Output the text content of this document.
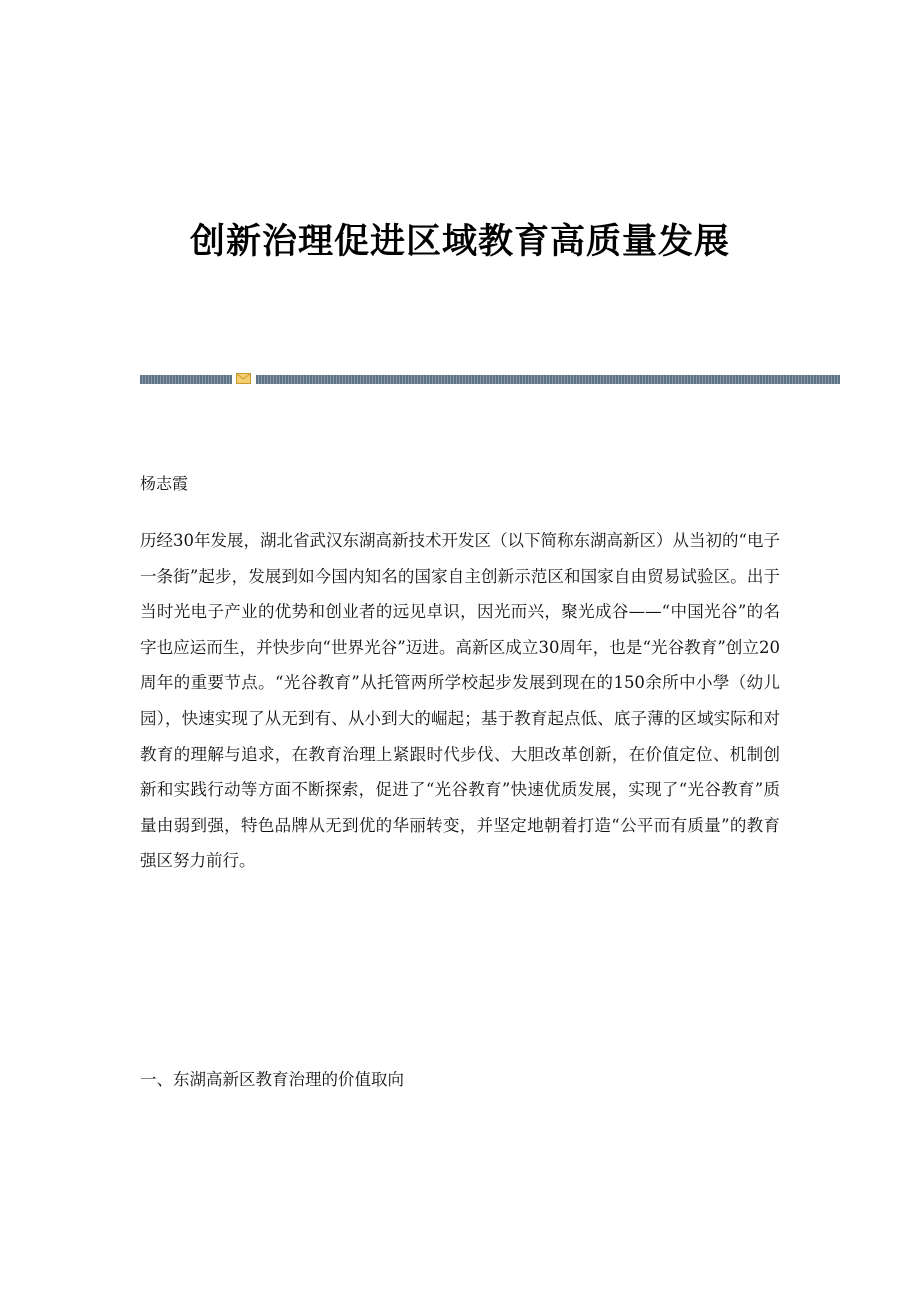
创新治理促进区域教育高质量发展

杨志霞

历经30年发展，湖北省武汉东湖高新技术开发区（以下简称东湖高新区）从当初的“电子一条街”起步，发展到如今国内知名的国家自主创新示范区和国家自由贸易试验区。出于当时光电子产业的优势和创业者的远见卓识，因光而兴，聚光成谷——“中国光谷”的名字也应运而生，并快步向“世界光谷”迈进。高新区成立30周年，也是“光谷教育”创立20周年的重要节点。“光谷教育”从托管两所学校起步发展到现在的150余所中小學（幼儿园），快速实现了从无到有、从小到大的崛起；基于教育起点低、底子薄的区域实际和对教育的理解与追求，在教育治理上紧跟时代步伐、大胆改革创新，在价值定位、机制创新和实践行动等方面不断探索，促进了“光谷教育”快速优质发展，实现了“光谷教育”质量由弱到强，特色品牌从无到优的华丽转变，并坚定地朝着打造“公平而有质量”的教育强区努力前行。

一、东湖高新区教育治理的价值取向
